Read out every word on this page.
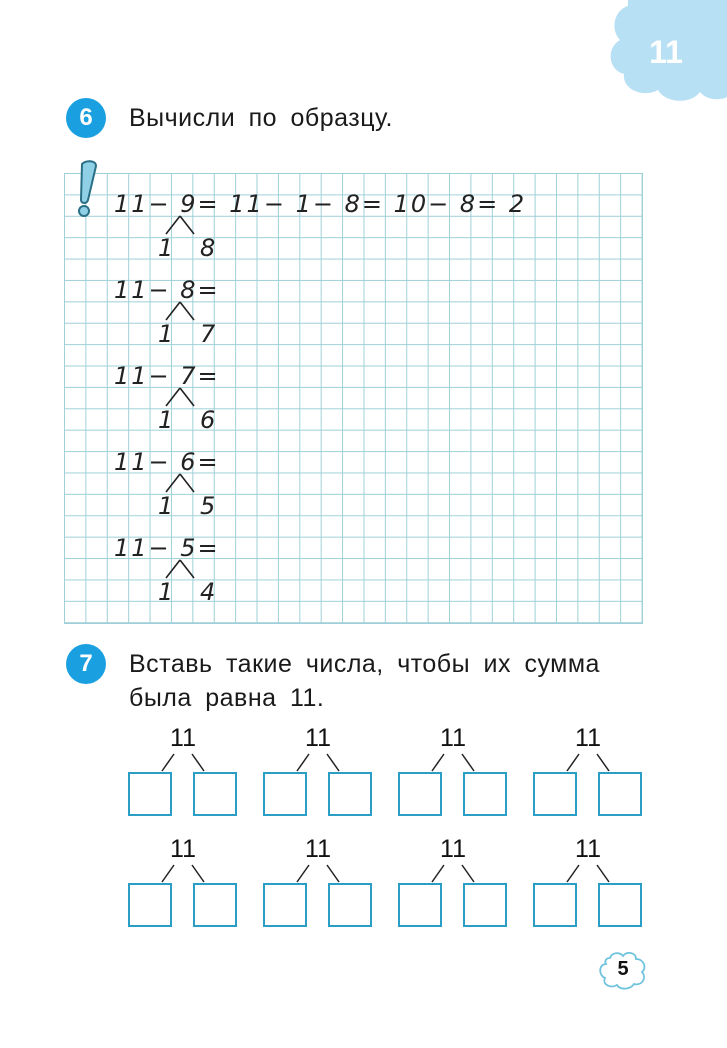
11
6	Вычисли по образцу.
11− 9= 11− 1− 8= 10− 8= 2
1 8
11− 8=
1 7
11− 7=
1 6
11− 6=
1 5
11− 5=
1 4
7	Вставь такие числа, чтобы их сумма
была равна 11.
11	11	11	11
11	11	11	11
5
